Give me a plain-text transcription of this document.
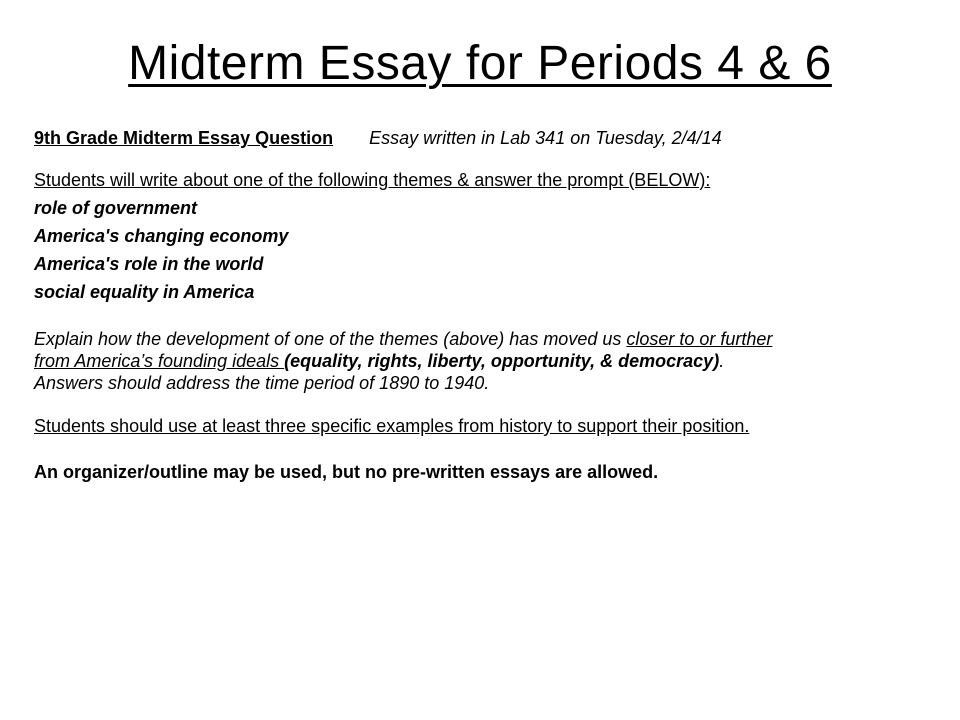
Midterm Essay for Periods 4 & 6
9th Grade Midterm Essay Question Essay written in Lab 341 on Tuesday, 2/4/14
Students will write about one of the following themes & answer the prompt (BELOW):
role of government
America's changing economy
America's role in the world
social equality in America
Explain how the development of one of the themes (above) has moved us closer to or further
from America’s founding ideals (equality, rights, liberty, opportunity, & democracy).
Answers should address the time period of 1890 to 1940.
Students should use at least three specific examples from history to support their position.
An organizer/outline may be used, but no pre-written essays are allowed.
